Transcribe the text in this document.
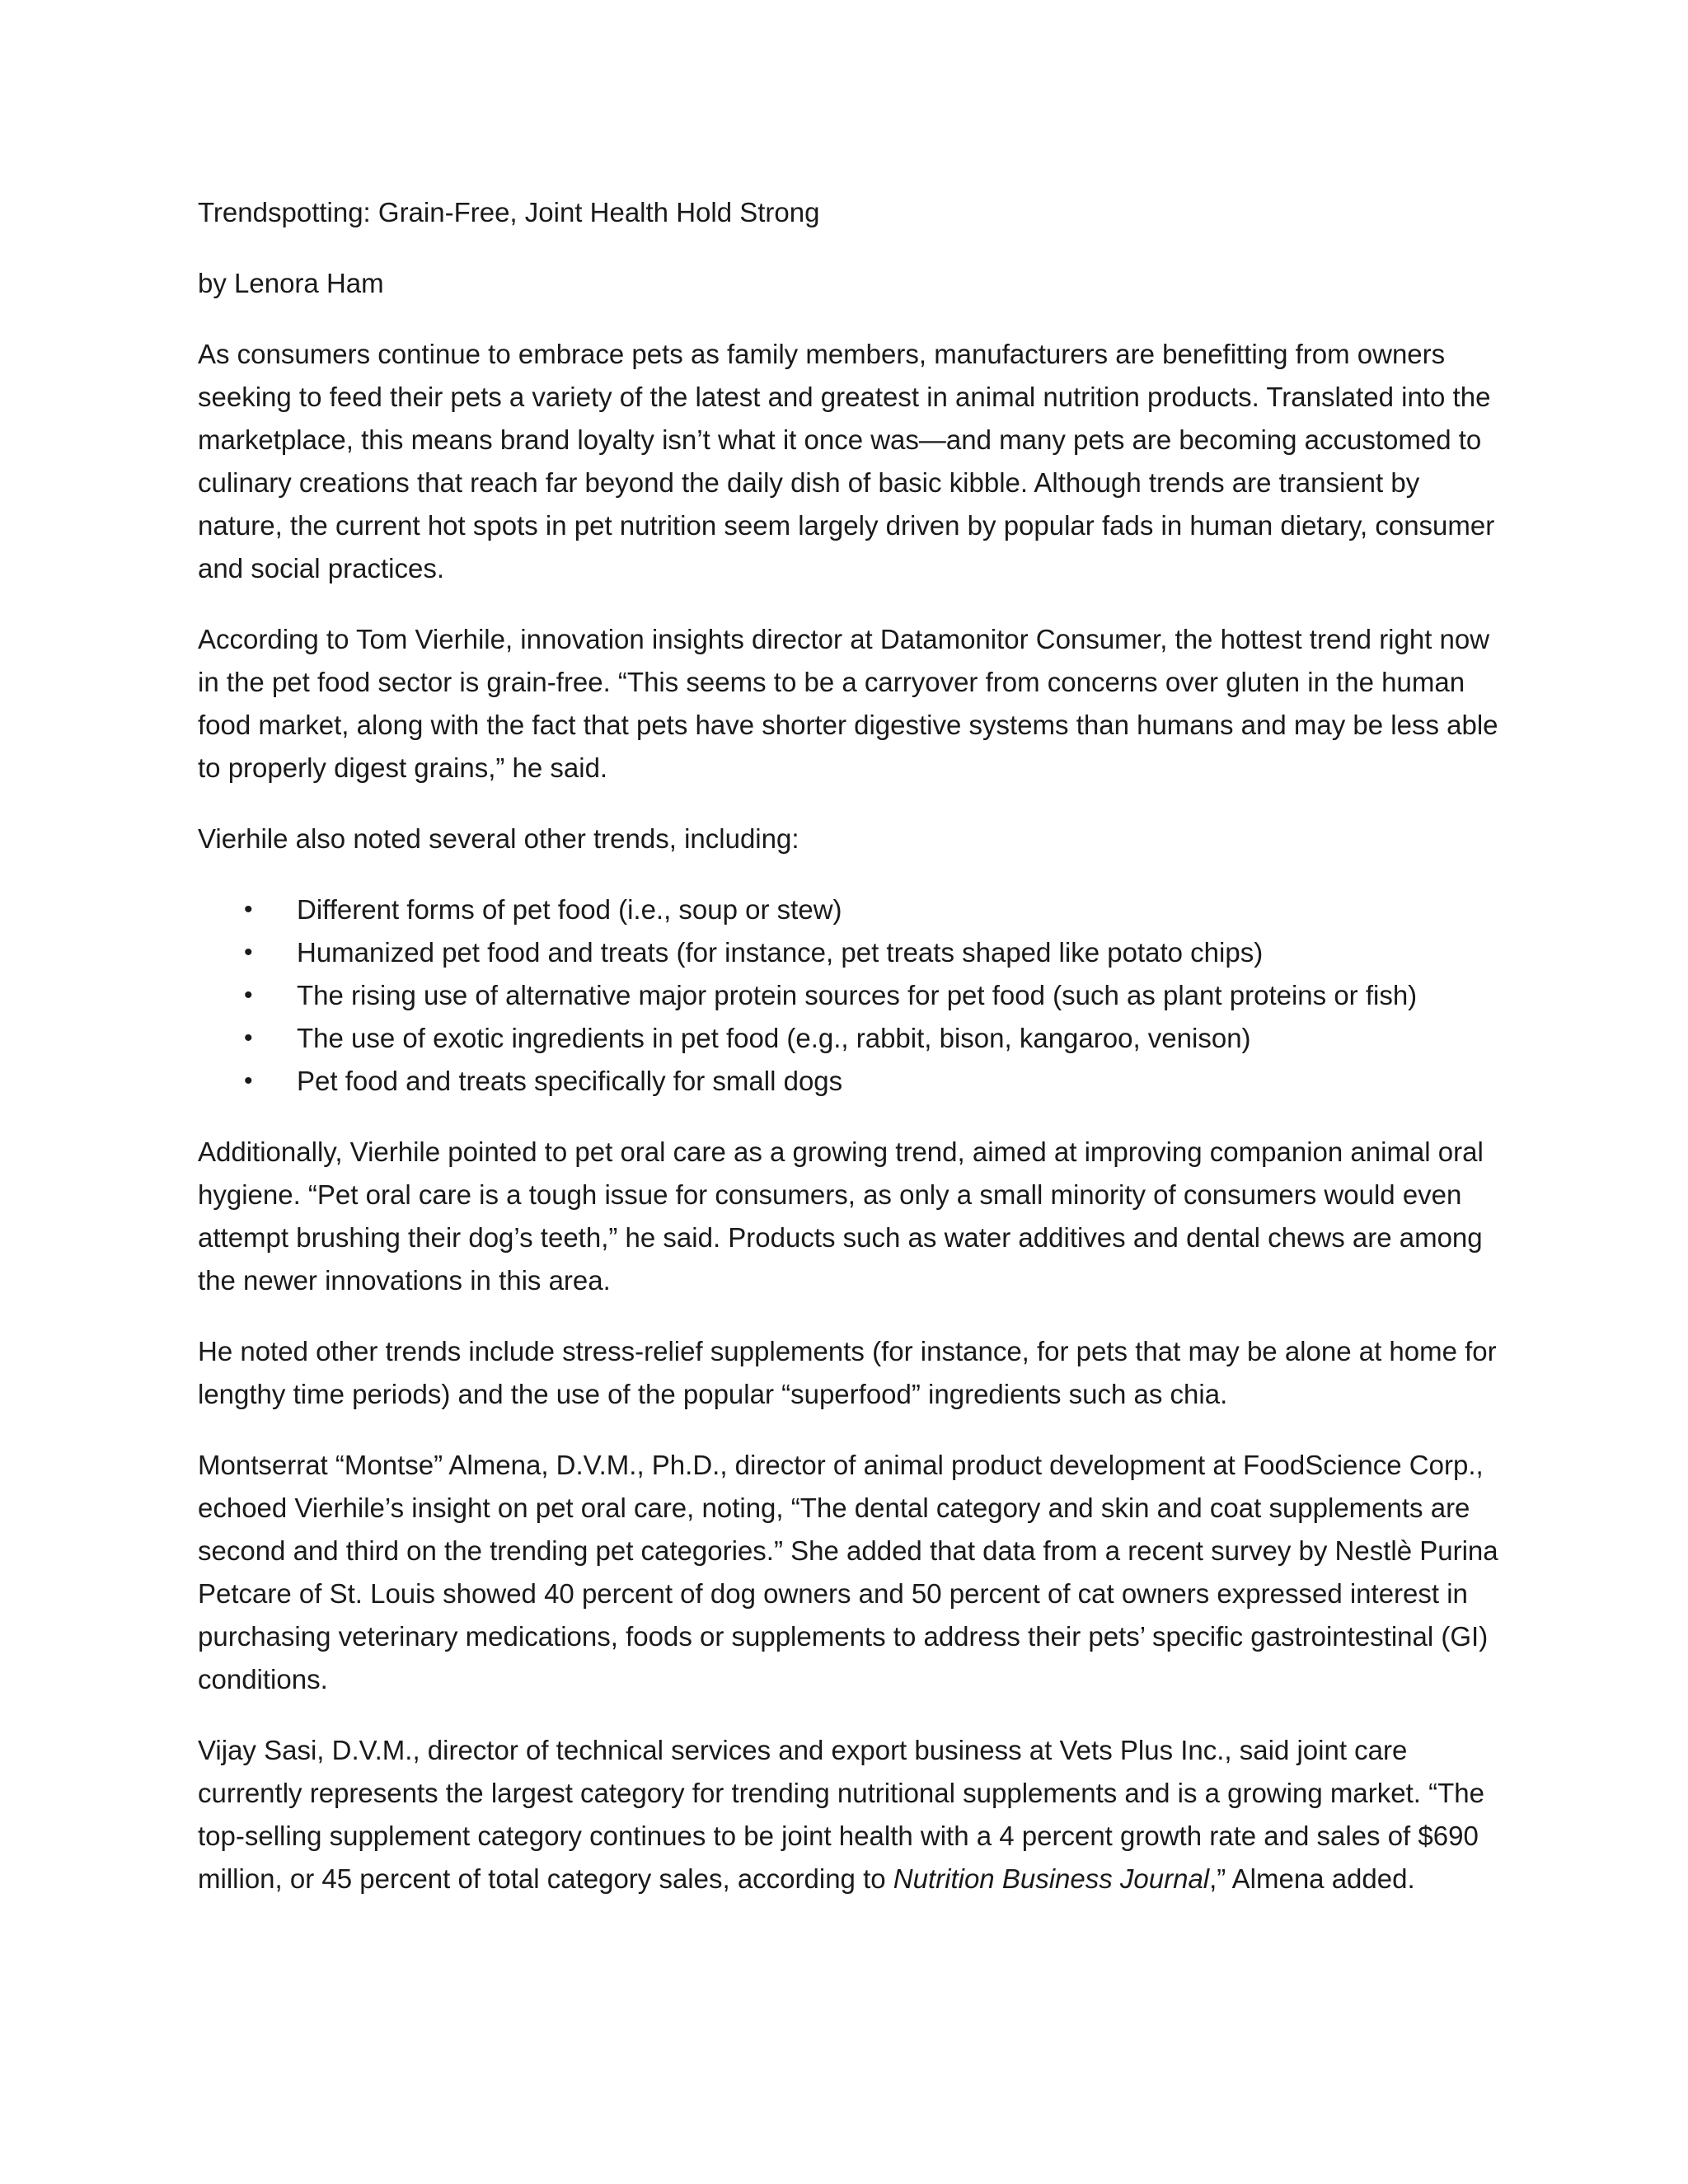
Trendspotting: Grain-Free, Joint Health Hold Strong
by Lenora Ham

As consumers continue to embrace pets as family members, manufacturers are benefitting from owners seeking to feed their pets a variety of the latest and greatest in animal nutrition products. Translated into the marketplace, this means brand loyalty isn’t what it once was—and many pets are becoming accustomed to culinary creations that reach far beyond the daily dish of basic kibble. Although trends are transient by nature, the current hot spots in pet nutrition seem largely driven by popular fads in human dietary, consumer and social practices.

According to Tom Vierhile, innovation insights director at Datamonitor Consumer, the hottest trend right now in the pet food sector is grain-free. “This seems to be a carryover from concerns over gluten in the human food market, along with the fact that pets have shorter digestive systems than humans and may be less able to properly digest grains,” he said.

Vierhile also noted several other trends, including:

• Different forms of pet food (i.e., soup or stew)
• Humanized pet food and treats (for instance, pet treats shaped like potato chips)
• The rising use of alternative major protein sources for pet food (such as plant proteins or fish)
• The use of exotic ingredients in pet food (e.g., rabbit, bison, kangaroo, venison)
• Pet food and treats specifically for small dogs

Additionally, Vierhile pointed to pet oral care as a growing trend, aimed at improving companion animal oral hygiene. “Pet oral care is a tough issue for consumers, as only a small minority of consumers would even attempt brushing their dog’s teeth,” he said. Products such as water additives and dental chews are among the newer innovations in this area.

He noted other trends include stress-relief supplements (for instance, for pets that may be alone at home for lengthy time periods) and the use of the popular “superfood” ingredients such as chia.

Montserrat “Montse” Almena, D.V.M., Ph.D., director of animal product development at FoodScience Corp., echoed Vierhile’s insight on pet oral care, noting, “The dental category and skin and coat supplements are second and third on the trending pet categories.” She added that data from a recent survey by Nestlè Purina Petcare of St. Louis showed 40 percent of dog owners and 50 percent of cat owners expressed interest in purchasing veterinary medications, foods or supplements to address their pets’ specific gastrointestinal (GI) conditions.

Vijay Sasi, D.V.M., director of technical services and export business at Vets Plus Inc., said joint care currently represents the largest category for trending nutritional supplements and is a growing market. “The top-selling supplement category continues to be joint health with a 4 percent growth rate and sales of $690 million, or 45 percent of total category sales, according to Nutrition Business Journal,” Almena added.
